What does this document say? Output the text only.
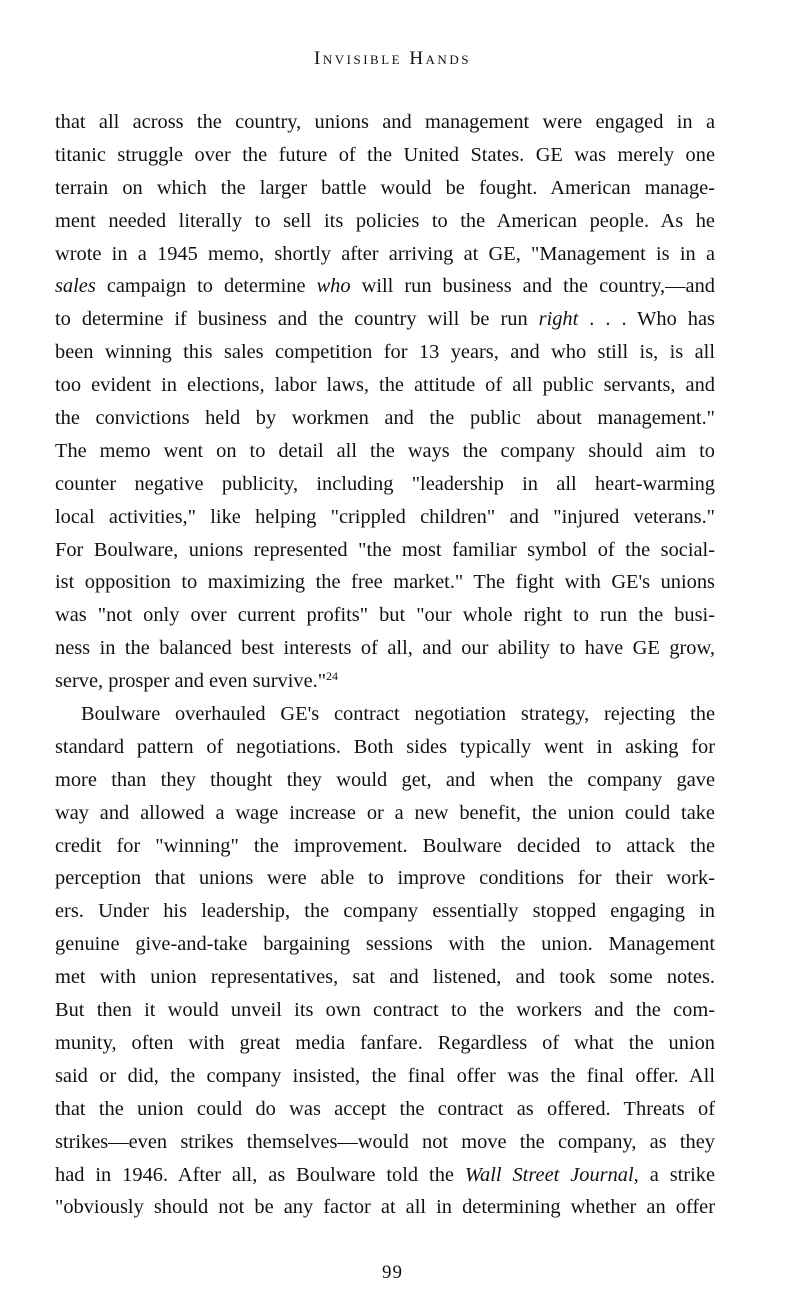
Invisible Hands
that all across the country, unions and management were engaged in a
titanic struggle over the future of the United States. GE was merely one
terrain on which the larger battle would be fought. American manage-
ment needed literally to sell its policies to the American people. As he
wrote in a 1945 memo, shortly after arriving at GE, "Management is in a
sales campaign to determine who will run business and the country,—and
to determine if business and the country will be run right . . . Who has
been winning this sales competition for 13 years, and who still is, is all
too evident in elections, labor laws, the attitude of all public servants, and
the convictions held by workmen and the public about management."
The memo went on to detail all the ways the company should aim to
counter negative publicity, including "leadership in all heart-warming
local activities," like helping "crippled children" and "injured veterans."
For Boulware, unions represented "the most familiar symbol of the social-
ist opposition to maximizing the free market." The fight with GE's unions
was "not only over current profits" but "our whole right to run the busi-
ness in the balanced best interests of all, and our ability to have GE grow,
serve, prosper and even survive."$^{24}$
Boulware overhauled GE's contract negotiation strategy, rejecting the
standard pattern of negotiations. Both sides typically went in asking for
more than they thought they would get, and when the company gave
way and allowed a wage increase or a new benefit, the union could take
credit for "winning" the improvement. Boulware decided to attack the
perception that unions were able to improve conditions for their work-
ers. Under his leadership, the company essentially stopped engaging in
genuine give-and-take bargaining sessions with the union. Management
met with union representatives, sat and listened, and took some notes.
But then it would unveil its own contract to the workers and the com-
munity, often with great media fanfare. Regardless of what the union
said or did, the company insisted, the final offer was the final offer. All
that the union could do was accept the contract as offered. Threats of
strikes—even strikes themselves—would not move the company, as they
had in 1946. After all, as Boulware told the Wall Street Journal, a strike
"obviously should not be any factor at all in determining whether an offer
99
